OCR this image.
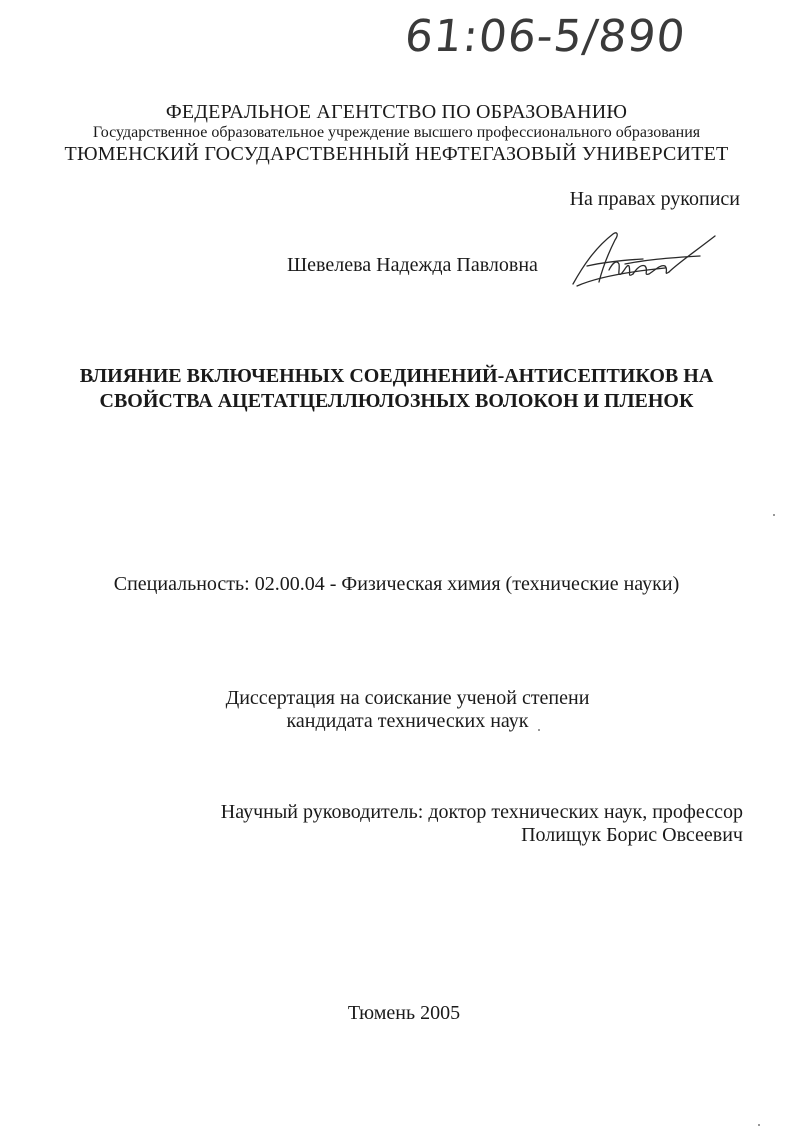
61:06-5/890
ФЕДЕРАЛЬНОЕ АГЕНТСТВО ПО ОБРАЗОВАНИЮ
Государственное образовательное учреждение высшего профессионального образования
ТЮМЕНСКИЙ ГОСУДАРСТВЕННЫЙ НЕФТЕГАЗОВЫЙ УНИВЕРСИТЕТ
На правах рукописи
Шевелева Надежда Павловна
ВЛИЯНИЕ ВКЛЮЧЕННЫХ СОЕДИНЕНИЙ-АНТИСЕПТИКОВ НА
СВОЙСТВА АЦЕТАТЦЕЛЛЮЛОЗНЫХ ВОЛОКОН И ПЛЕНОК
Специальность: 02.00.04 - Физическая химия (технические науки)
Диссертация на соискание ученой степени
кандидата технических наук
Научный руководитель: доктор технических наук, профессор
Полищук Борис Овсеевич
Тюмень 2005
